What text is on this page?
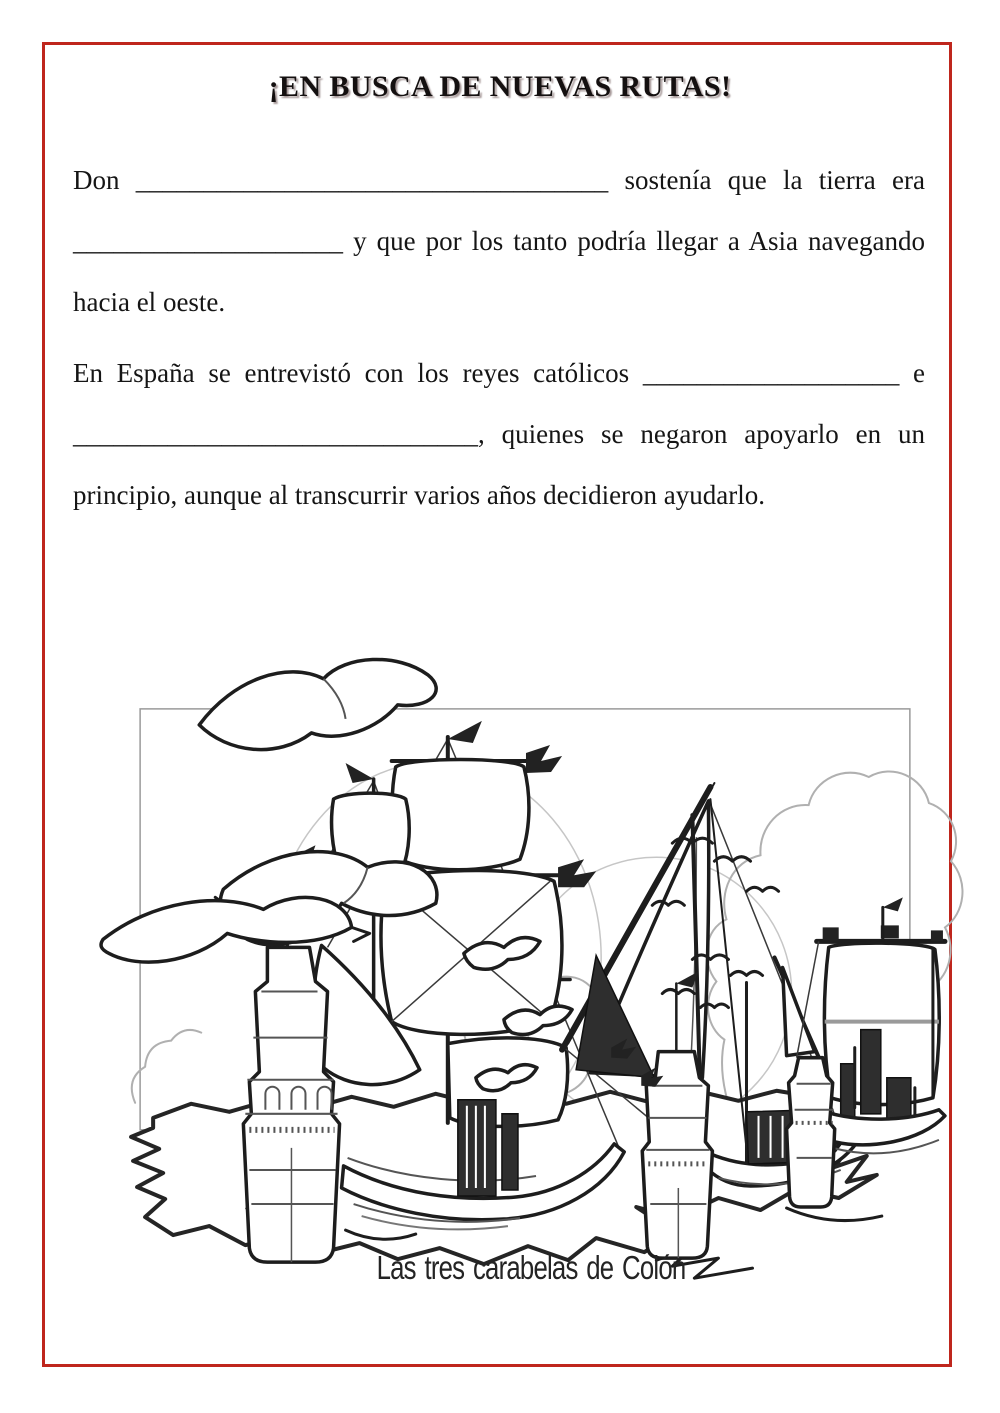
¡EN BUSCA DE NUEVAS RUTAS!
Don ___________________________________ sostenía que la tierra era
____________________ y que por los tanto podría llegar a Asia navegando
hacia el oeste.
En España se entrevistó con los reyes católicos ___________________ e
______________________________, quienes se negaron apoyarlo en un
principio, aunque al transcurrir varios años decidieron ayudarlo.
Las tres carabelas de Colón
